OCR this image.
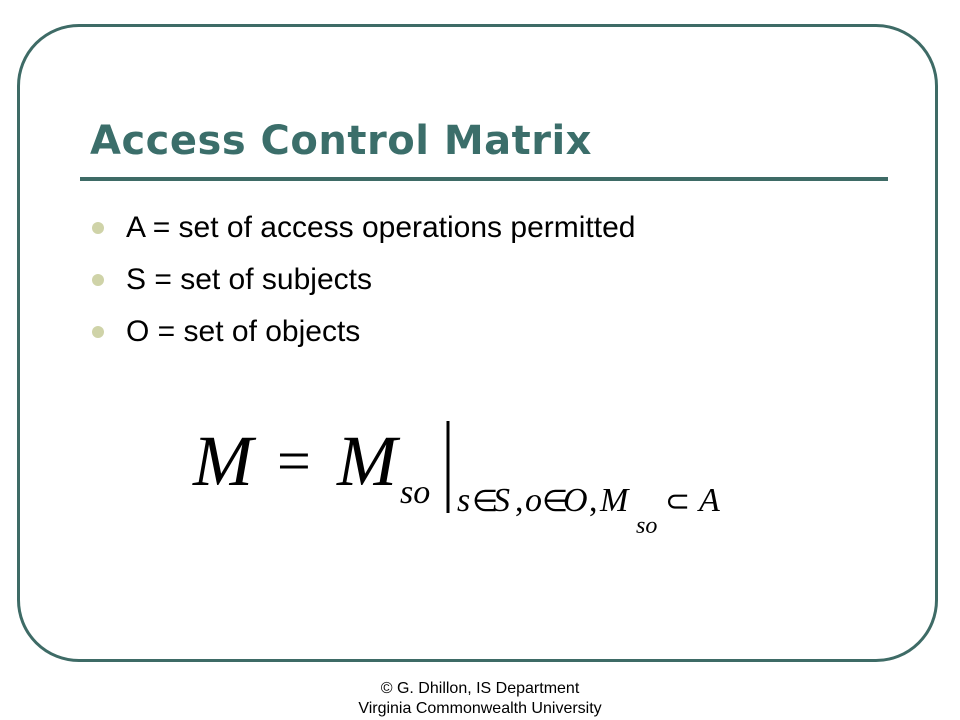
Access Control Matrix
A = set of access operations permitted
S = set of subjects
O = set of objects
M = M so s ∈
S , o ∈
O , M
so
⊂ A
© G. Dhillon, IS Department
Virginia Commonwealth University
